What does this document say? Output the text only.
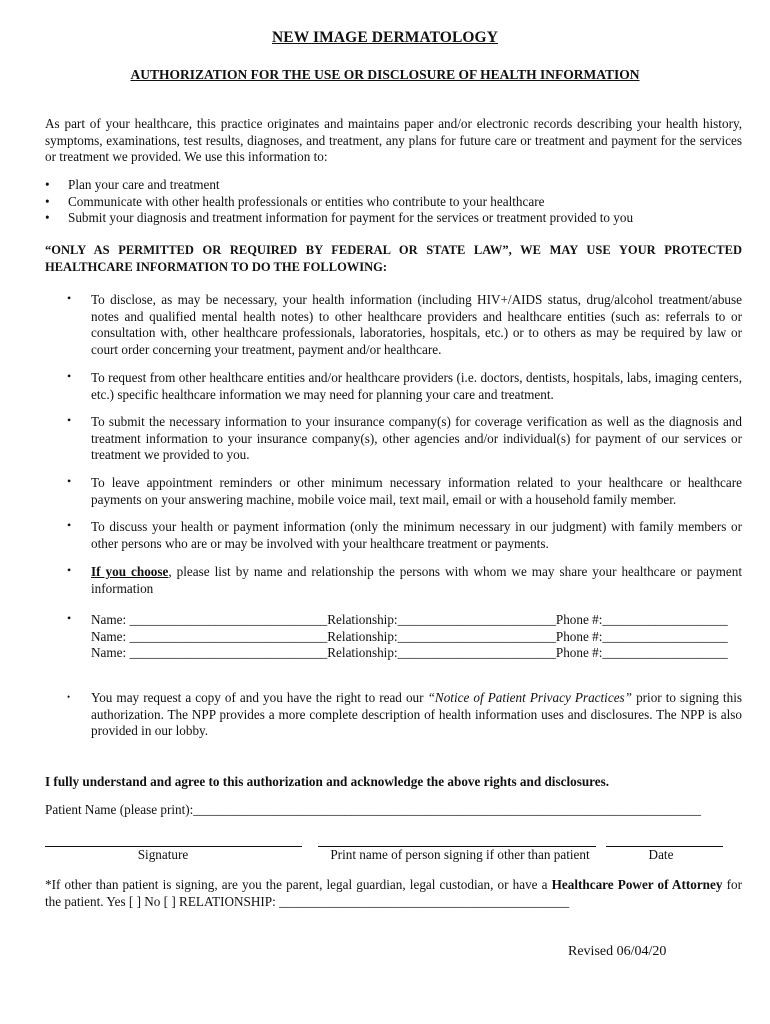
NEW IMAGE DERMATOLOGY
AUTHORIZATION FOR THE USE OR DISCLOSURE OF HEALTH INFORMATION
As part of your healthcare, this practice originates and maintains paper and/or electronic records describing your health history, symptoms, examinations, test results, diagnoses, and treatment, any plans for future care or treatment and payment for the services or treatment we provided. We use this information to:
• Plan your care and treatment
• Communicate with other health professionals or entities who contribute to your healthcare
• Submit your diagnosis and treatment information for payment for the services or treatment provided to you
“ONLY AS PERMITTED OR REQUIRED BY FEDERAL OR STATE LAW”, WE MAY USE YOUR PROTECTED HEALTHCARE INFORMATION TO DO THE FOLLOWING:
• To disclose, as may be necessary, your health information (including HIV+/AIDS status, drug/alcohol treatment/abuse notes and qualified mental health notes) to other healthcare providers and healthcare entities (such as: referrals to or consultation with, other healthcare professionals, laboratories, hospitals, etc.) or to others as may be required by law or court order concerning your treatment, payment and/or healthcare.
• To request from other healthcare entities and/or healthcare providers (i.e. doctors, dentists, hospitals, labs, imaging centers, etc.) specific healthcare information we may need for planning your care and treatment.
• To submit the necessary information to your insurance company(s) for coverage verification as well as the diagnosis and treatment information to your insurance company(s), other agencies and/or individual(s) for payment of our services or treatment we provided to you.
• To leave appointment reminders or other minimum necessary information related to your healthcare or healthcare payments on your answering machine, mobile voice mail, text mail, email or with a household family member.
• To discuss your health or payment information (only the minimum necessary in our judgment) with family members or other persons who are or may be involved with your healthcare treatment or payments.
• If you choose, please list by name and relationship the persons with whom we may share your healthcare or payment information
• Name: ______________________________Relationship:________________________Phone #:___________________
Name: ______________________________Relationship:________________________Phone #:___________________
Name: ______________________________Relationship:________________________Phone #:___________________
• You may request a copy of and you have the right to read our “Notice of Patient Privacy Practices” prior to signing this authorization. The NPP provides a more complete description of health information uses and disclosures. The NPP is also provided in our lobby.
I fully understand and agree to this authorization and acknowledge the above rights and disclosures.
Patient Name (please print):_____________________________________________________________________________
Signature	Print name of person signing if other than patient	Date
*If other than patient is signing, are you the parent, legal guardian, legal custodian, or have a Healthcare Power of Attorney for the patient. Yes [ ] No [ ] RELATIONSHIP: ____________________________________________
Revised 06/04/20
